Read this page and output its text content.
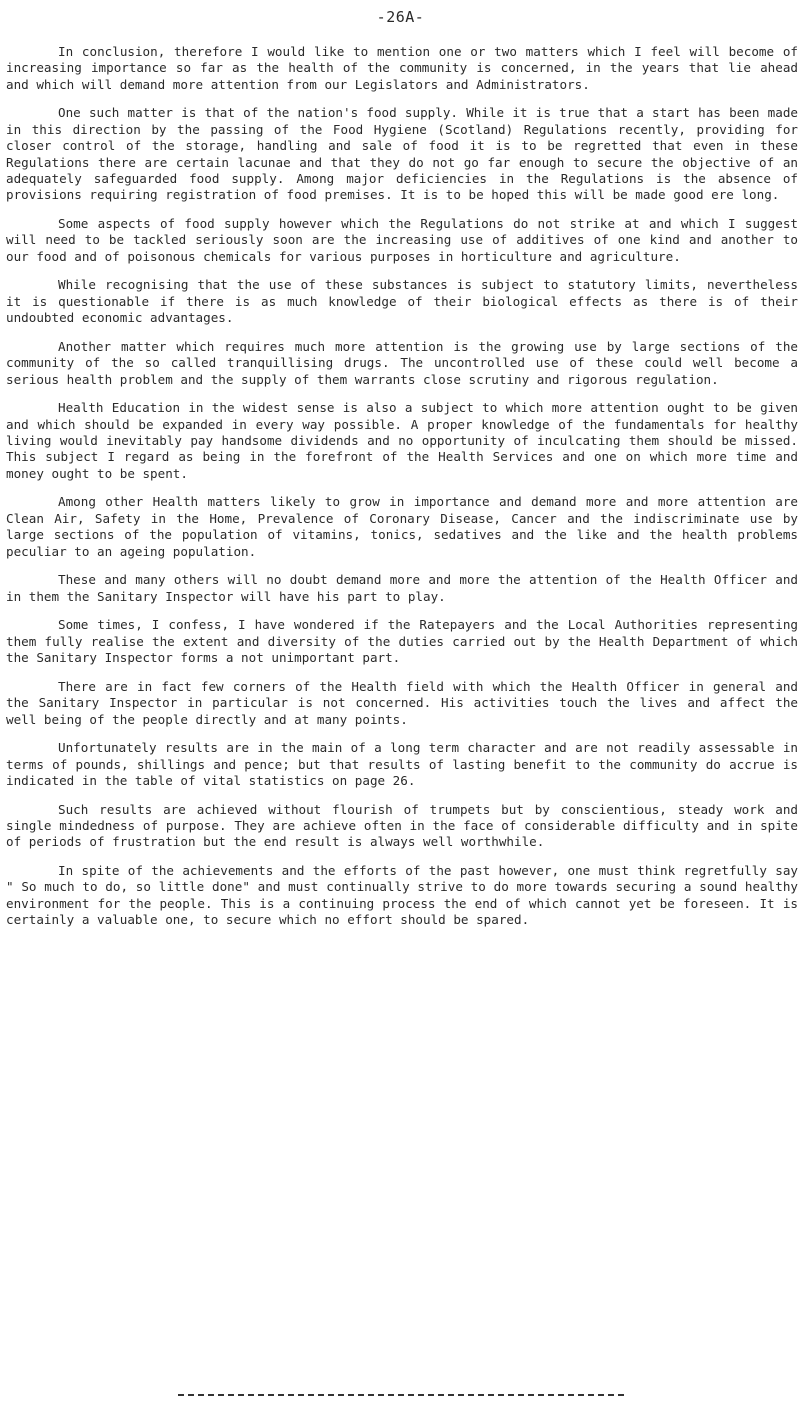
-26A-

In conclusion, therefore I would like to mention one or two matters which I feel will become of increasing importance so far as the health of the community is concerned, in the years that lie ahead and which will demand more attention from our Legislators and Administrators.

One such matter is that of the nation's food supply. While it is true that a start has been made in this direction by the passing of the Food Hygiene (Scotland) Regulations recently, providing for closer control of the storage, handling and sale of food it is to be regretted that even in these Regulations there are certain lacunae and that they do not go far enough to secure the objective of an adequately safeguarded food supply. Among major deficiencies in the Regulations is the absence of provisions requiring registration of food premises. It is to be hoped this will be made good ere long.

Some aspects of food supply however which the Regulations do not strike at and which I suggest will need to be tackled seriously soon are the increasing use of additives of one kind and another to our food and of poisonous chemicals for various purposes in horticulture and agriculture.

While recognising that the use of these substances is subject to statutory limits, nevertheless it is questionable if there is as much knowledge of their biological effects as there is of their undoubted economic advantages.

Another matter which requires much more attention is the growing use by large sections of the community of the so called tranquillising drugs. The uncontrolled use of these could well become a serious health problem and the supply of them warrants close scrutiny and rigorous regulation.

Health Education in the widest sense is also a subject to which more attention ought to be given and which should be expanded in every way possible. A proper knowledge of the fundamentals for healthy living would inevitably pay handsome dividends and no opportunity of inculcating them should be missed. This subject I regard as being in the forefront of the Health Services and one on which more time and money ought to be spent.

Among other Health matters likely to grow in importance and demand more and more attention are Clean Air, Safety in the Home, Prevalence of Coronary Disease, Cancer and the indiscriminate use by large sections of the population of vitamins, tonics, sedatives and the like and the health problems peculiar to an ageing population.

These and many others will no doubt demand more and more the attention of the Health Officer and in them the Sanitary Inspector will have his part to play.

Some times, I confess, I have wondered if the Ratepayers and the Local Authorities representing them fully realise the extent and diversity of the duties carried out by the Health Department of which the Sanitary Inspector forms a not unimportant part.

There are in fact few corners of the Health field with which the Health Officer in general and the Sanitary Inspector in particular is not concerned. His activities touch the lives and affect the well being of the people directly and at many points.

Unfortunately results are in the main of a long term character and are not readily assessable in terms of pounds, shillings and pence; but that results of lasting benefit to the community do accrue is indicated in the table of vital statistics on page 26.

Such results are achieved without flourish of trumpets but by conscientious, steady work and single mindedness of purpose. They are achieve often in the face of considerable difficulty and in spite of periods of frustration but the end result is always well worthwhile.

In spite of the achievements and the efforts of the past however, one must think regretfully say " So much to do, so little done" and must continually strive to do more towards securing a sound healthy environment for the people. This is a continuing process the end of which cannot yet be foreseen. It is certainly a valuable one, to secure which no effort should be spared.
